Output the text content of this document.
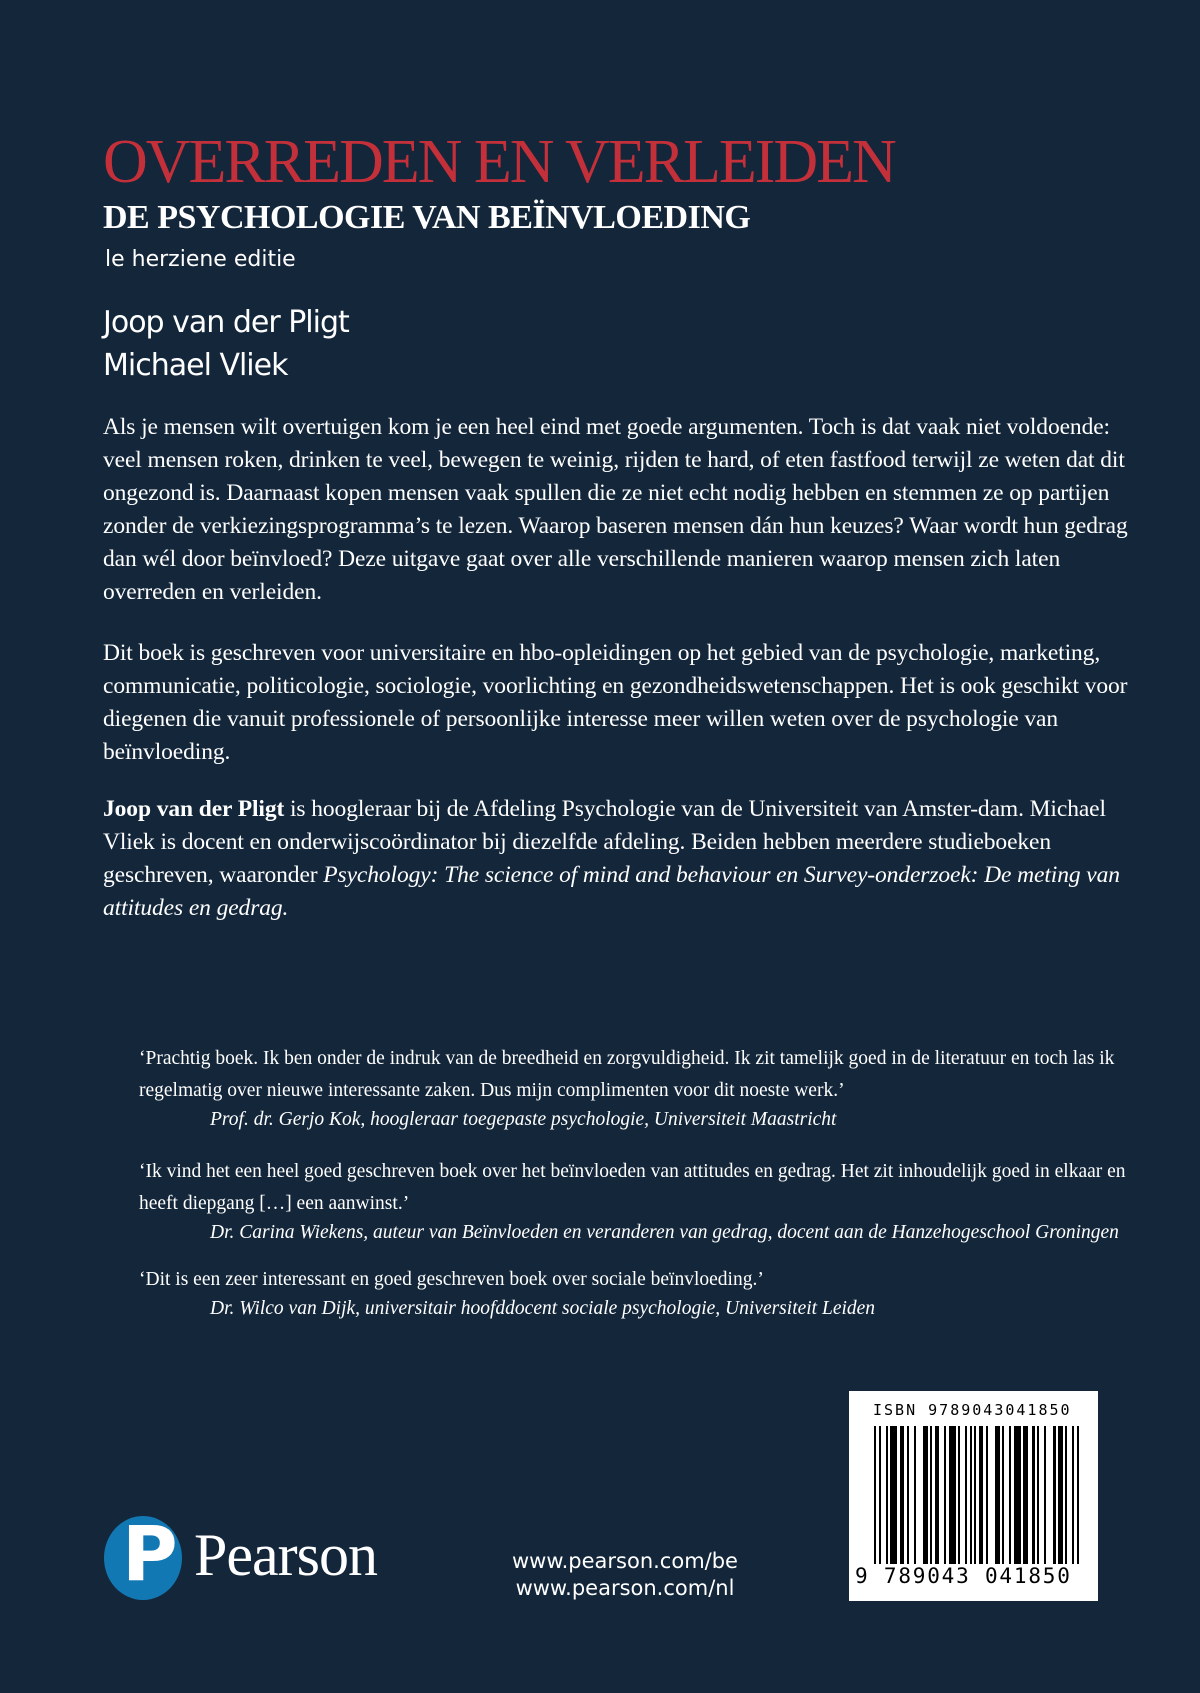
OVERREDEN EN VERLEIDEN
DE PSYCHOLOGIE VAN BEÏNVLOEDING
le herziene editie
Joop van der Pligt
Michael Vliek

Als je mensen wilt overtuigen kom je een heel eind met goede argumenten. Toch is dat vaak niet voldoende: veel mensen roken, drinken te veel, bewegen te weinig, rijden te hard, of eten fastfood terwijl ze weten dat dit ongezond is. Daarnaast kopen mensen vaak spullen die ze niet echt nodig hebben en stemmen ze op partijen zonder de verkiezingsprogramma’s te lezen. Waarop baseren mensen dán hun keuzes? Waar wordt hun gedrag dan wél door beïnvloed? Deze uitgave gaat over alle verschillende manieren waarop mensen zich laten overreden en verleiden.

Dit boek is geschreven voor universitaire en hbo-opleidingen op het gebied van de psychologie, marketing, communicatie, politicologie, sociologie, voorlichting en gezondheidswetenschappen. Het is ook geschikt voor diegenen die vanuit professionele of persoonlijke interesse meer willen weten over de psychologie van beïnvloeding.

Joop van der Pligt is hoogleraar bij de Afdeling Psychologie van de Universiteit van Amster-dam. Michael Vliek is docent en onderwijscoördinator bij diezelfde afdeling. Beiden hebben meerdere studieboeken geschreven, waaronder Psychology: The science of mind and behaviour en Survey-onderzoek: De meting van attitudes en gedrag.

‘Prachtig boek. Ik ben onder de indruk van de breedheid en zorgvuldigheid. Ik zit tamelijk goed in de literatuur en toch las ik regelmatig over nieuwe interessante zaken. Dus mijn complimenten voor dit noeste werk.’

Prof. dr. Gerjo Kok, hoogleraar toegepaste psychologie, Universiteit Maastricht

‘Ik vind het een heel goed geschreven boek over het beïnvloeden van attitudes en gedrag. Het zit inhoudelijk goed in elkaar en heeft diepgang […] een aanwinst.’

Dr. Carina Wiekens, auteur van Beïnvloeden en veranderen van gedrag, docent aan de Hanzehogeschool Groningen

‘Dit is een zeer interessant en goed geschreven boek over sociale beïnvloeding.’

Dr. Wilco van Dijk, universitair hoofddocent sociale psychologie, Universiteit Leiden

P Pearson	www.pearson.com/be
www.pearson.com/nl
ISBN 9789043041850
9 789043 041850
